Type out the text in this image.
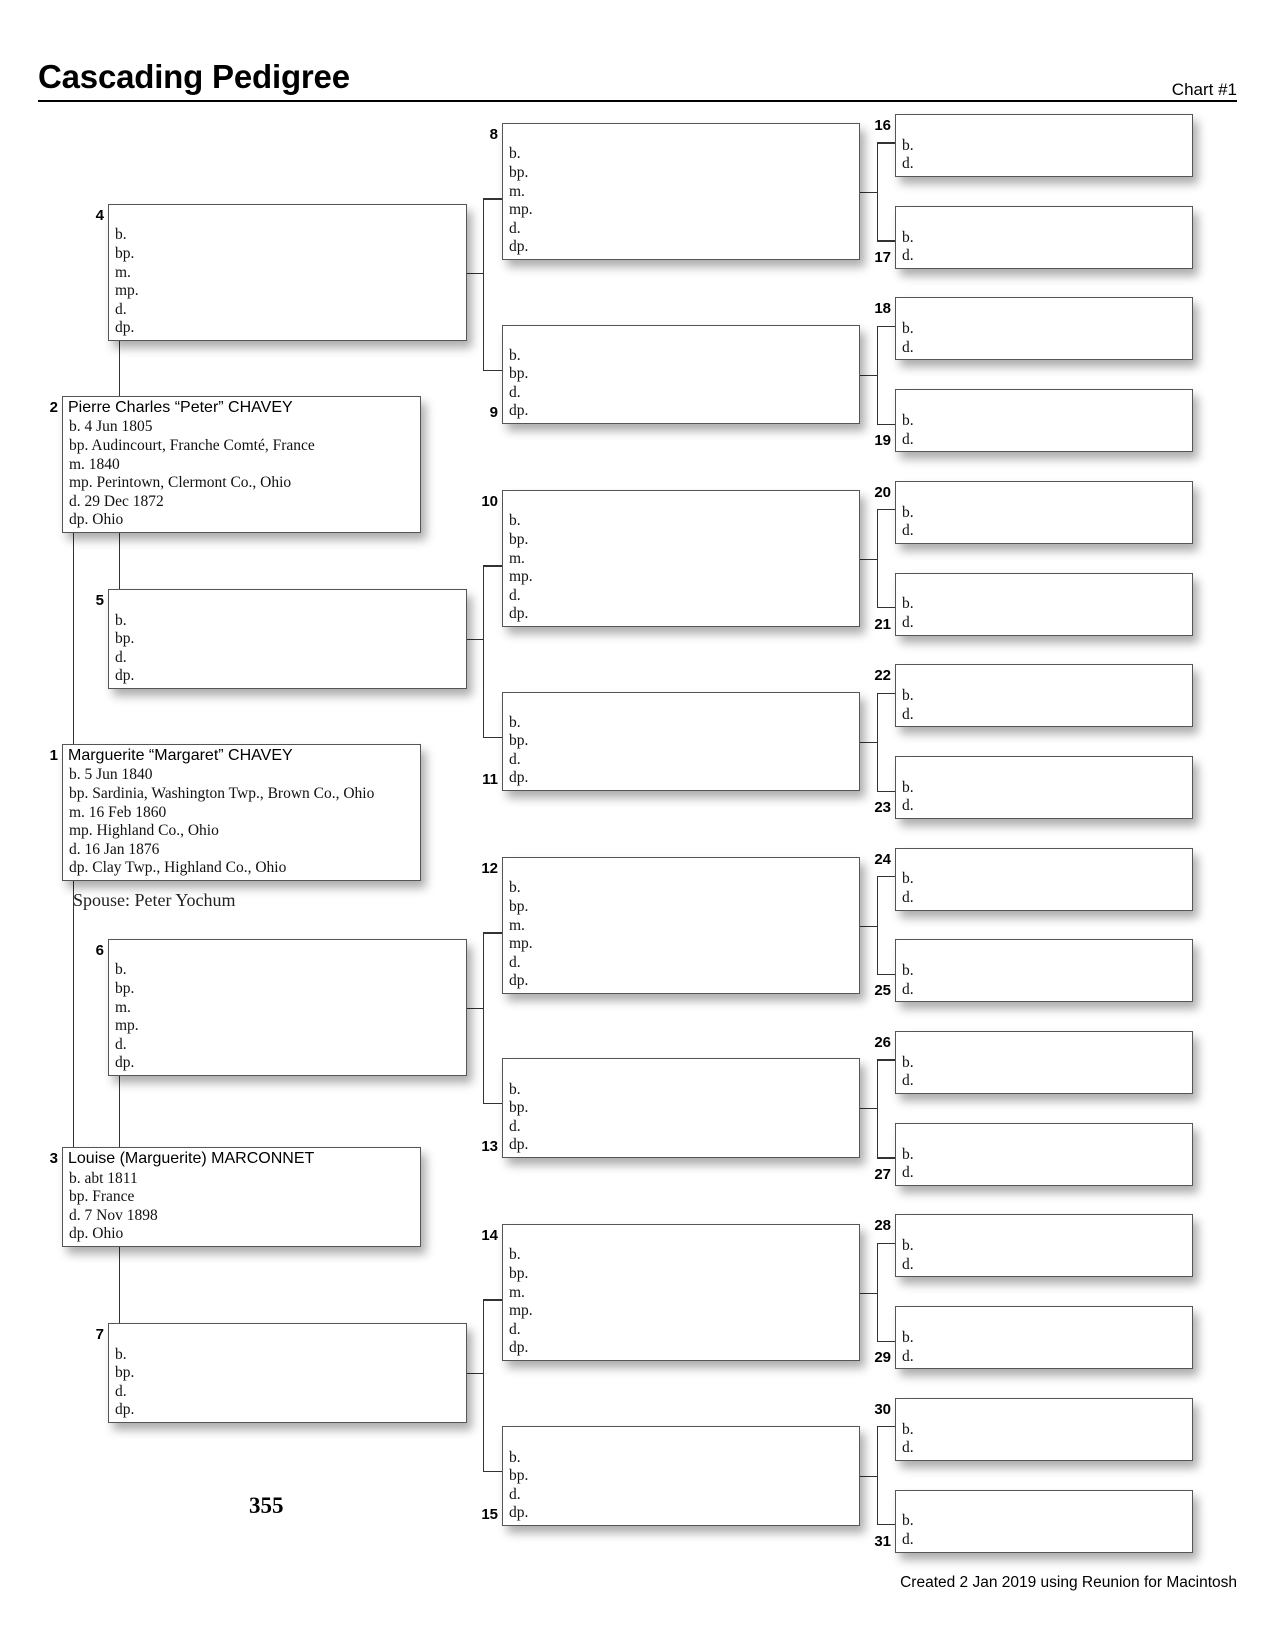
Cascading Pedigree	Chart #1
Marguerite “Margaret” CHAVEY
b. 5 Jun 1840
bp. Sardinia, Washington Twp., Brown Co., Ohio
m. 16 Feb 1860
mp. Highland Co., Ohio
d. 16 Jan 1876
dp. Clay Twp., Highland Co., Ohio
1
Pierre Charles “Peter” CHAVEY
b. 4 Jun 1805
bp. Audincourt, Franche Comté, France
m. 1840
mp. Perintown, Clermont Co., Ohio
d. 29 Dec 1872
dp. Ohio
2
Louise (Marguerite) MARCONNET
b. abt 1811
bp. France
d. 7 Nov 1898
dp. Ohio
3
b.
bp.
m.
mp.
d.
dp.
4
b.
bp.
d.
dp.
5
b.
bp.
m.
mp.
d.
dp.
6
b.
bp.
d.
dp.
7
b.
bp.
m.
mp.
d.
dp.
8
b.
bp.
d.
dp.
9
b.
bp.
m.
mp.
d.
dp.
10
b.
bp.
d.
dp.
11
b.
bp.
m.
mp.
d.
dp.
12
b.
bp.
d.
dp.
13
b.
bp.
m.
mp.
d.
dp.
14
b.
bp.
d.
dp.
15
b.
d.
16
b.
d.
17
b.
d.
18
b.
d.
19
b.
d.
20
b.
d.
21
b.
d.
22
b.
d.
23
b.
d.
24
b.
d.
25
b.
d.
26
b.
d.
27
b.
d.
28
b.
d.
29
b.
d.
30
b.
d.
31
Spouse: Peter Yochum
355
Created 2 Jan 2019 using Reunion for Macintosh
